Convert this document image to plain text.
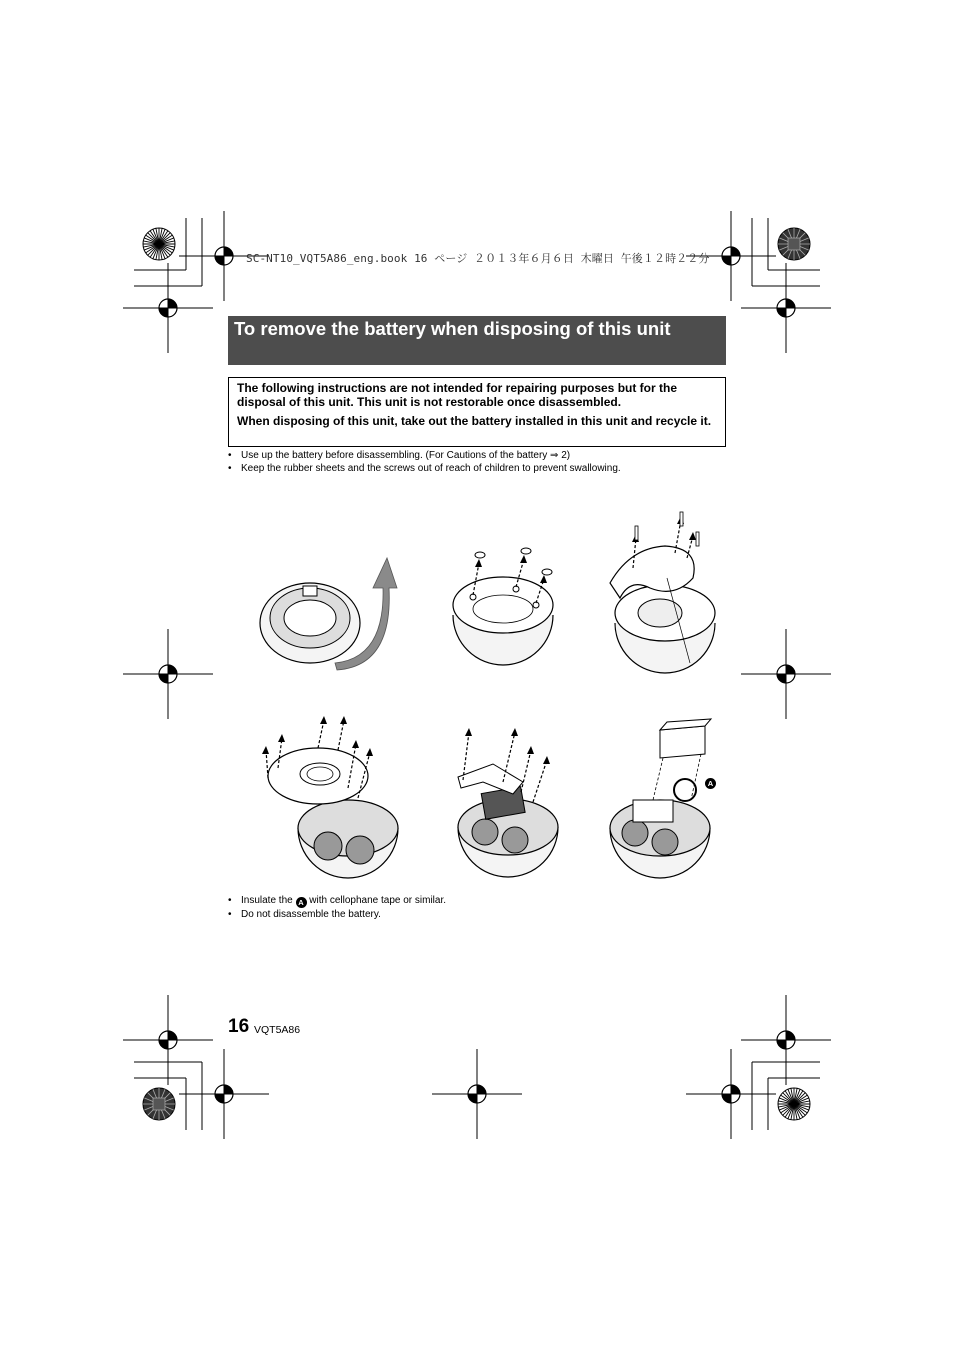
SC-NT10_VQT5A86_eng.book 16 ページ ２０１３年６月６日 木曜日 午後１２時２２分
To remove the battery when disposing of this unit

The following instructions are not intended for repairing purposes but for the disposal of this unit. This unit is not restorable once disassembled.

When disposing of this unit, take out the battery installed in this unit and recycle it.

• Use up the battery before disassembling. (For Cautions of the battery ⇒ 2)
• Keep the rubber sheets and the screws out of reach of children to prevent swallowing.
A
• Insulate the A with cellophane tape or similar.
• Do not disassemble the battery.
16 VQT5A86
